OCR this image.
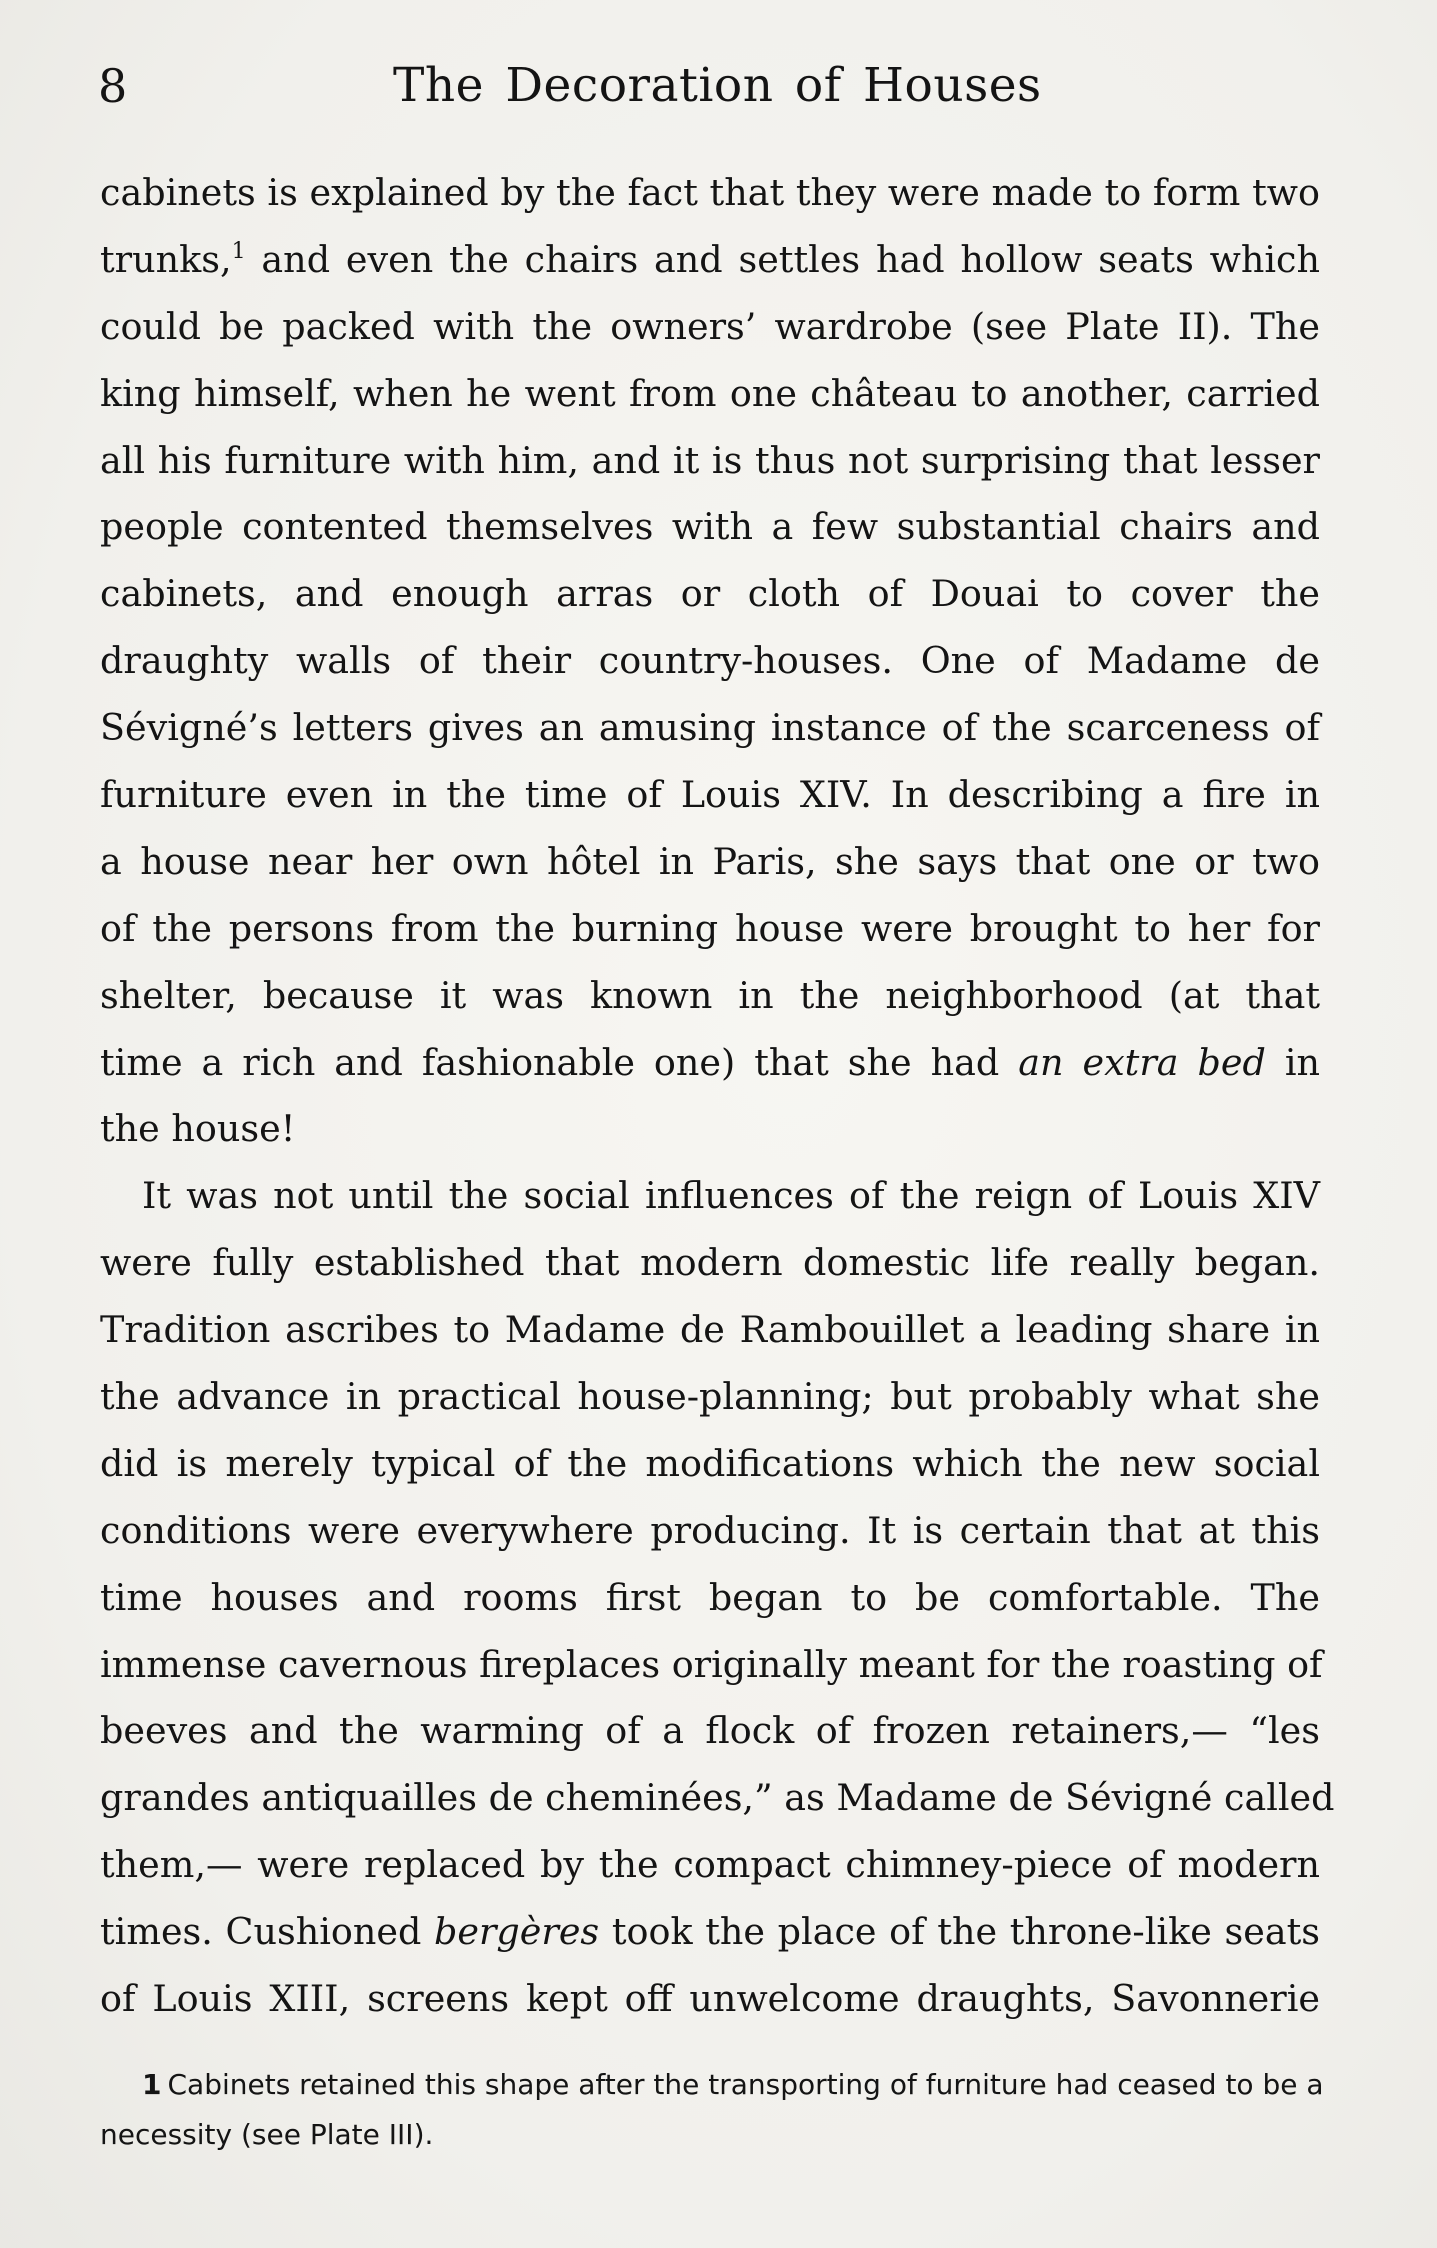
8	The Decoration of Houses
cabinets is explained by the fact that they were made to form two
trunks,$^1$ and even the chairs and settles had hollow seats which
could be packed with the owners’ wardrobe (see Plate II). The
king himself, when he went from one château to another, carried
all his furniture with him, and it is thus not surprising that lesser
people contented themselves with a few substantial chairs and
cabinets, and enough arras or cloth of Douai to cover the
draughty walls of their country-houses. One of Madame de
Sévigné’s letters gives an amusing instance of the scarceness of
furniture even in the time of Louis XIV. In describing a fire in
a house near her own hôtel in Paris, she says that one or two
of the persons from the burning house were brought to her for
shelter, because it was known in the neighborhood (at that
time a rich and fashionable one) that she had an extra bed in
the house!
It was not until the social influences of the reign of Louis XIV
were fully established that modern domestic life really began.
Tradition ascribes to Madame de Rambouillet a leading share in
the advance in practical house-planning; but probably what she
did is merely typical of the modifications which the new social
conditions were everywhere producing. It is certain that at this
time houses and rooms first began to be comfortable. The
immense cavernous fireplaces originally meant for the roasting of
beeves and the warming of a flock of frozen retainers,— “les
grandes antiquailles de cheminées,” as Madame de Sévigné called
them,— were replaced by the compact chimney-piece of modern
times. Cushioned bergères took the place of the throne-like seats
of Louis XIII, screens kept off unwelcome draughts, Savonnerie
1 Cabinets retained this shape after the transporting of furniture had ceased to be a
necessity (see Plate III).
